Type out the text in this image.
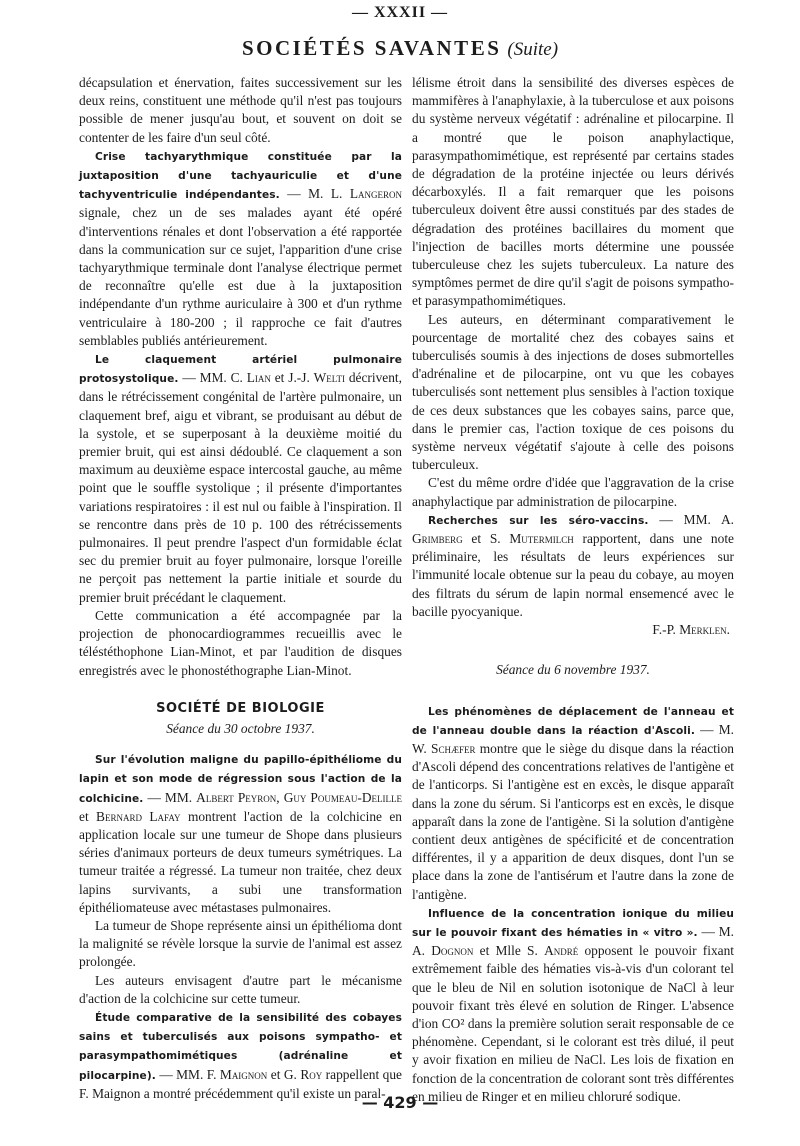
— XXXII —
SOCIÉTÉS SAVANTES (Suite)

décapsulation et énervation, faites successivement sur les deux reins, constituent une méthode qu'il n'est pas toujours possible de mener jusqu'au bout, et souvent on doit se contenter de les faire d'un seul côté.

Crise tachyarythmique constituée par la juxtaposition d'une tachyauriculie et d'une tachyventriculie indépendantes. — M. L. Langeron signale, chez un de ses malades ayant été opéré d'interventions rénales et dont l'observation a été rapportée dans la communication sur ce sujet, l'apparition d'une crise tachyarythmique terminale dont l'analyse électrique permet de reconnaître qu'elle est due à la juxtaposition indépendante d'un rythme auriculaire à 300 et d'un rythme ventriculaire à 180-200 ; il rapproche ce fait d'autres semblables publiés antérieurement.

Le claquement artériel pulmonaire protosystolique. — MM. C. Lian et J.-J. Welti décrivent, dans le rétrécissement congénital de l'artère pulmonaire, un claquement bref, aigu et vibrant, se produisant au début de la systole, et se superposant à la deuxième moitié du premier bruit, qui est ainsi dédoublé. Ce claquement a son maximum au deuxième espace intercostal gauche, au même point que le souffle systolique ; il présente d'importantes variations respiratoires : il est nul ou faible à l'inspiration. Il se rencontre dans près de 10 p. 100 des rétrécissements pulmonaires. Il peut prendre l'aspect d'un formidable éclat sec du premier bruit au foyer pulmonaire, lorsque l'oreille ne perçoit pas nettement la partie initiale et sourde du premier bruit précédant le claquement.

Cette communication a été accompagnée par la projection de phonocardiogrammes recueillis avec le téléstéthophone Lian-Minot, et par l'audition de disques enregistrés avec le phonostéthographe Lian-Minot.

SOCIÉTÉ DE BIOLOGIE
Séance du 30 octobre 1937.

Sur l'évolution maligne du papillo-épithéliome du lapin et son mode de régression sous l'action de la colchicine. — MM. Albert Peyron, Guy Poumeau-Delille et Bernard Lafay montrent l'action de la colchicine en application locale sur une tumeur de Shope dans plusieurs séries d'animaux porteurs de deux tumeurs symétriques. La tumeur traitée a régressé. La tumeur non traitée, chez deux lapins survivants, a subi une transformation épithéliomateuse avec métastases pulmonaires.

La tumeur de Shope représente ainsi un épithélioma dont la malignité se révèle lorsque la survie de l'animal est assez prolongée.

Les auteurs envisagent d'autre part le mécanisme d'action de la colchicine sur cette tumeur.

Étude comparative de la sensibilité des cobayes sains et tuberculisés aux poisons sympatho- et parasympathomimétiques (adrénaline et pilocarpine). — MM. F. Maignon et G. Roy rappellent que F. Maignon a montré précédemment qu'il existe un paral-

lélisme étroit dans la sensibilité des diverses espèces de mammifères à l'anaphylaxie, à la tuberculose et aux poisons du système nerveux végétatif : adrénaline et pilocarpine. Il a montré que le poison anaphylactique, parasympathomimétique, est représenté par certains stades de dégradation de la protéine injectée ou leurs dérivés décarboxylés. Il a fait remarquer que les poisons tuberculeux doivent être aussi constitués par des stades de dégradation des protéines bacillaires du moment que l'injection de bacilles morts détermine une poussée tuberculeuse chez les sujets tuberculeux. La nature des symptômes permet de dire qu'il s'agit de poisons sympatho- et parasympathomimétiques.

Les auteurs, en déterminant comparativement le pourcentage de mortalité chez des cobayes sains et tuberculisés soumis à des injections de doses submortelles d'adrénaline et de pilocarpine, ont vu que les cobayes tuberculisés sont nettement plus sensibles à l'action toxique de ces deux substances que les cobayes sains, parce que, dans le premier cas, l'action toxique de ces poisons du système nerveux végétatif s'ajoute à celle des poisons tuberculeux.

C'est du même ordre d'idée que l'aggravation de la crise anaphylactique par administration de pilocarpine.

Recherches sur les séro-vaccins. — MM. A. Grimberg et S. Mutermilch rapportent, dans une note préliminaire, les résultats de leurs expériences sur l'immunité locale obtenue sur la peau du cobaye, au moyen des filtrats du sérum de lapin normal ensemencé avec le bacille pyocyanique.

F.-P. Merklen.
Séance du 6 novembre 1937.

Les phénomènes de déplacement de l'anneau et de l'anneau double dans la réaction d'Ascoli. — M. W. Schæfer montre que le siège du disque dans la réaction d'Ascoli dépend des concentrations relatives de l'antigène et de l'anticorps. Si l'antigène est en excès, le disque apparaît dans la zone du sérum. Si l'anticorps est en excès, le disque apparaît dans la zone de l'antigène. Si la solution d'antigène contient deux antigènes de spécificité et de concentration différentes, il y a apparition de deux disques, dont l'un se place dans la zone de l'antisérum et l'autre dans la zone de l'antigène.

Influence de la concentration ionique du milieu sur le pouvoir fixant des hématies in « vitro ». — M. A. Dognon et Mlle S. André opposent le pouvoir fixant extrêmement faible des hématies vis-à-vis d'un colorant tel que le bleu de Nil en solution isotonique de NaCl à leur pouvoir fixant très élevé en solution de Ringer. L'absence d'ion CO² dans la première solution serait responsable de ce phénomène. Cependant, si le colorant est très dilué, il peut y avoir fixation en milieu de NaCl. Les lois de fixation en fonction de la concentration de colorant sont très différentes en milieu de Ringer et en milieu chloruré sodique.

— 429 —
